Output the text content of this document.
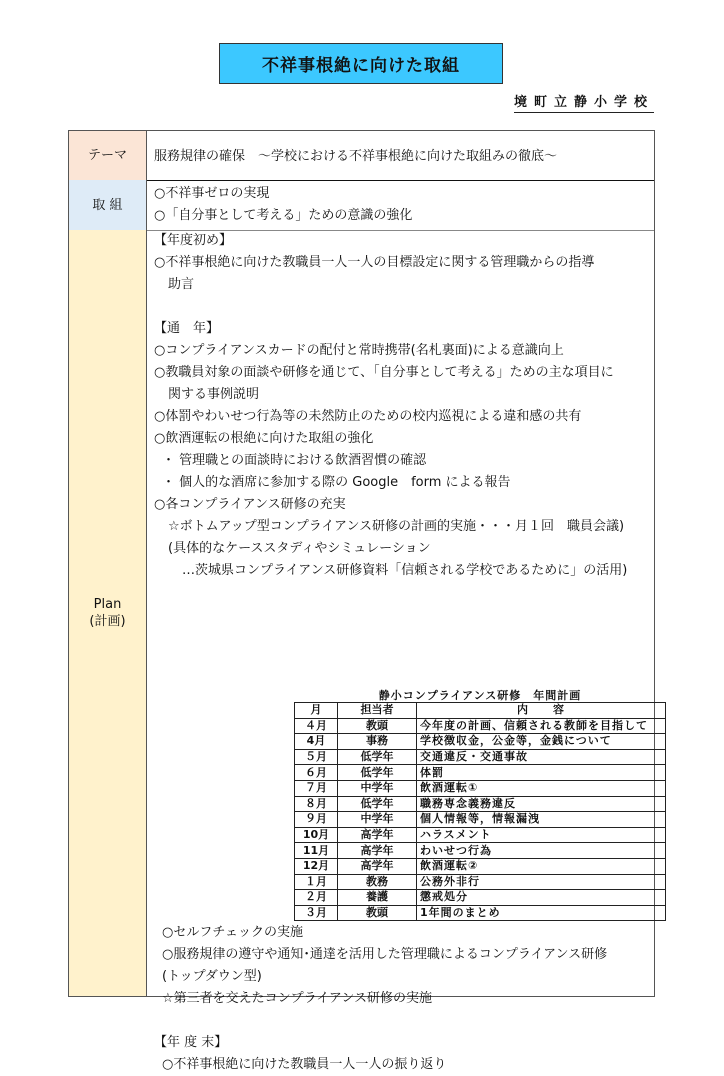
不祥事根絶に向けた取組
境町立静小学校
テーマ	服務規律の確保　～学校における不祥事根絶に向けた取組みの徹底～
取 組
○不祥事ゼロの実現
○「自分事として考える」ための意識の強化
Plan
(計画)
【年度初め】
○不祥事根絶に向けた教職員一人一人の目標設定に関する管理職からの指導
助言
【通　年】
○コンプライアンスカードの配付と常時携帯(名札裏面)による意識向上
○教職員対象の面談や研修を通じて、「自分事として考える」ための主な項目に
関する事例説明
○体罰やわいせつ行為等の未然防止のための校内巡視による違和感の共有
○飲酒運転の根絶に向けた取組の強化
・ 管理職との面談時における飲酒習慣の確認
・ 個人的な酒席に参加する際の Google　form による報告
○各コンプライアンス研修の充実
☆ボトムアップ型コンプライアンス研修の計画的実施・・・月１回　職員会議)
(具体的なケーススタディやシミュレーション
…茨城県コンプライアンス研修資料「信頼される学校であるために」の活用)
静小コンプライアンス研修　年間計画
月	担当者	内　　容
４月	教頭	今年度の計画、信頼される教師を目指して
4月	事務	学校徴収金，公金等，金銭について
５月	低学年	交通違反・交通事故
６月	低学年	体罰
７月	中学年	飲酒運転①
８月	低学年	職務専念義務違反
９月	中学年	個人情報等，情報漏洩
10月	高学年	ハラスメント
11月	高学年	わいせつ行為
12月	高学年	飲酒運転②
１月	教務	公務外非行
２月	養護	懲戒処分
３月	教頭	1年間のまとめ
○セルフチェックの実施
○服務規律の遵守や通知･通達を活用した管理職によるコンプライアンス研修
(トップダウン型)
☆第三者を交えたコンプライアンス研修の実施
【年 度 末】
○不祥事根絶に向けた教職員一人一人の振り返り
